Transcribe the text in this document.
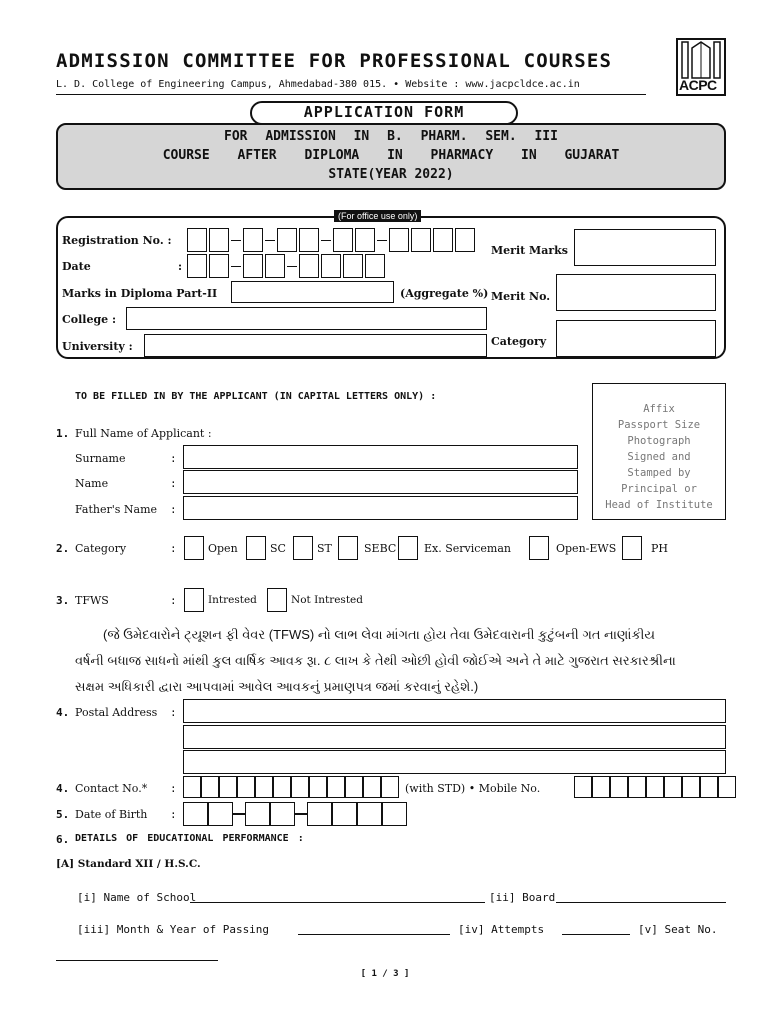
ADMISSION COMMITTEE FOR PROFESSIONAL COURSES
L. D. College of Engineering Campus, Ahmedabad-380 015. • Website : www.jacpcldce.ac.in	ACPC
APPLICATION FORM
FOR ADMISSION IN B. PHARM. SEM. III
COURSE AFTER DIPLOMA IN PHARMACY IN GUJARAT
STATE(YEAR 2022)
(For office use only)
Registration No. :
Date	:
Marks in Diploma Part-II	(Aggregate %)
College :
University :
Merit Marks
Merit No.
Category
TO BE FILLED IN BY THE APPLICANT (IN CAPITAL LETTERS ONLY) :
Affix
Passport Size
Photograph
Signed and
Stamped by
Principal or
Head of Institute
1. Full Name of Applicant :
Surname	:
Name	:
Father's Name :
2. Category	:	Open	SC	ST	SEBC	Ex. Serviceman	Open-EWS	PH
3. TFWS	:	Intrested	Not Intrested
(જે ઉમેદવારોને ટ્યૂશન ફી વેવર (TFWS) નો લાભ લેવા માંગતા હોય તેવા ઉમેદવારાની કુટુંબની ગત નાણાંકીય
વર્ષની બધાજ સાધનો માંથી કુલ વાર્ષિક આવક રૂા. ૮ લાખ કે તેથી ઓછી હોવી જોઈએ અને તે માટે ગુજરાત સરકારશ્રીના
સક્ષમ અધિકારી દ્વારા આપવામાં આવેલ આવકનું પ્રમાણપત્ર જમાં કરવાનું રહેશે.)
4. Postal Address :
4. Contact No.* :	(with STD) • Mobile No.
5. Date of Birth :
6. DETAILS OF EDUCATIONAL PERFORMANCE :
[A] Standard XII / H.S.C.
[i] Name of School	[ii] Board
[iii] Month & Year of Passing	[iv] Attempts	[v] Seat No.
[ 1 / 3 ]
